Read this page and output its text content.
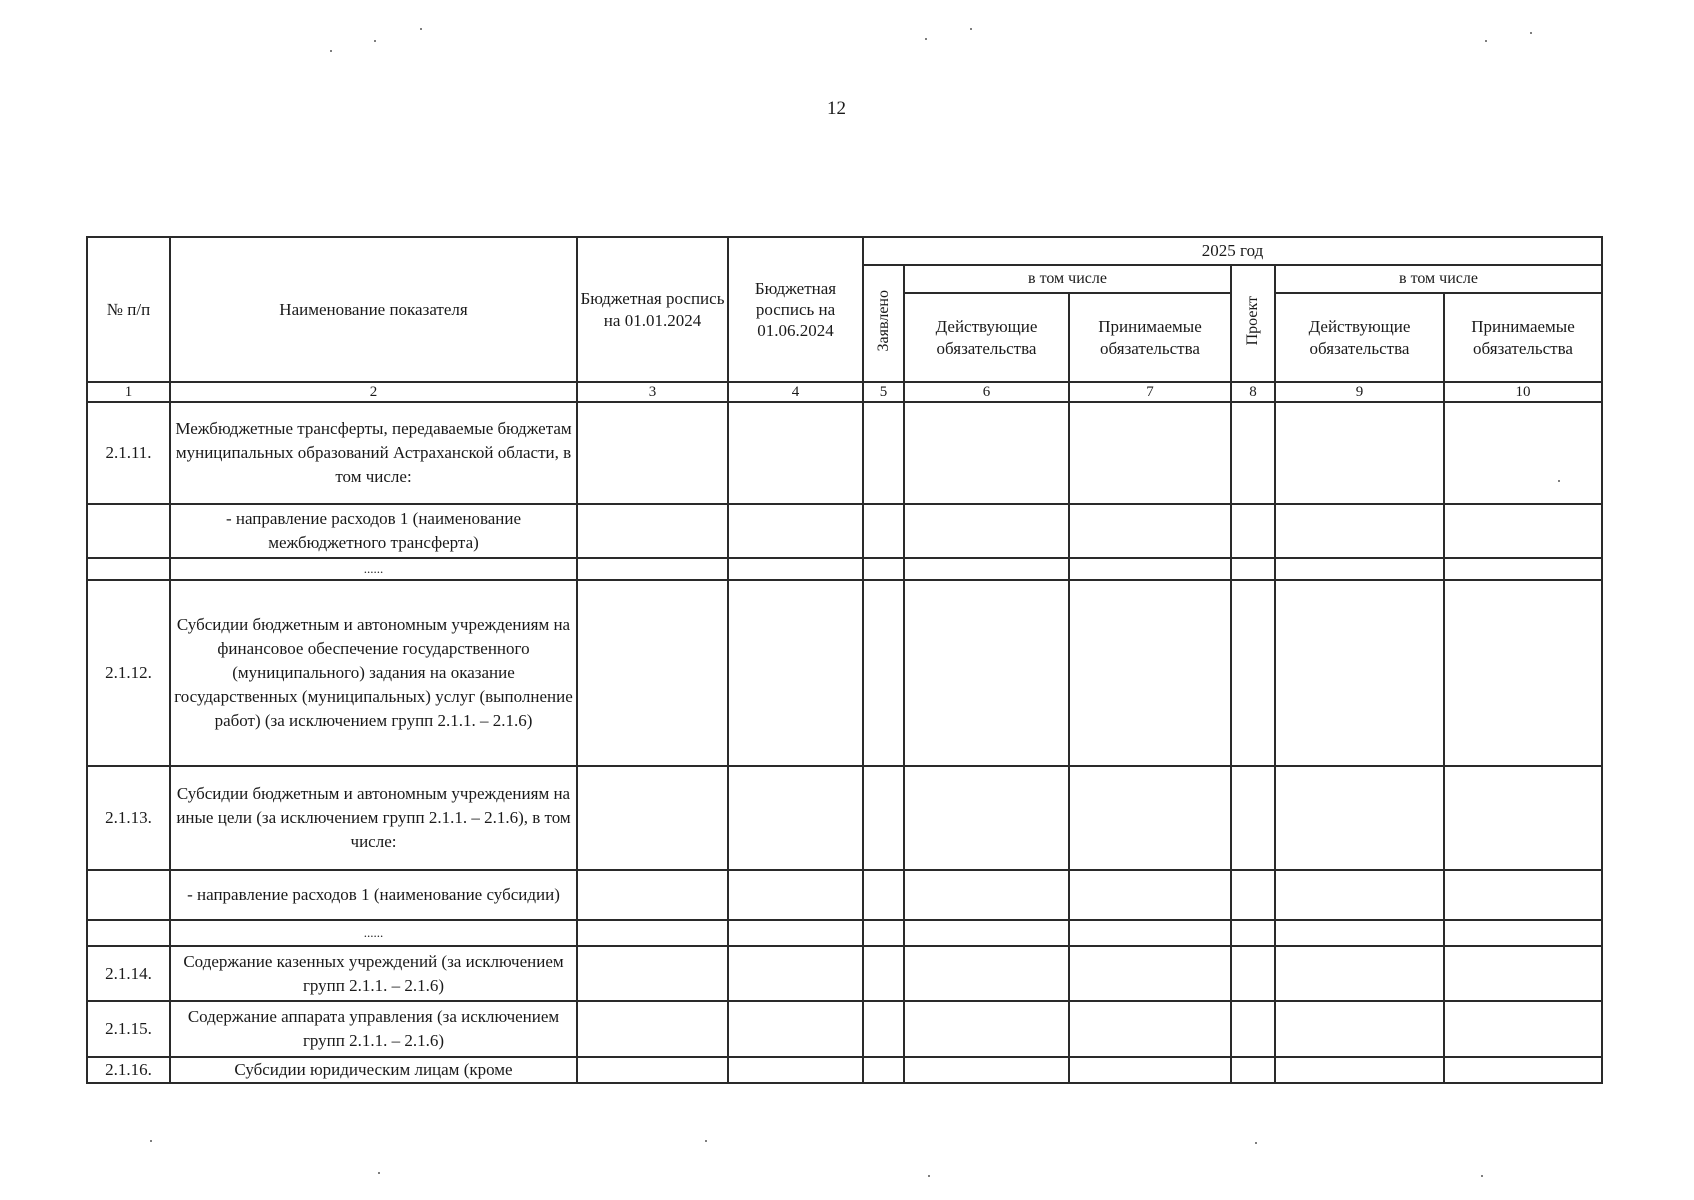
12
№ п/п	Наименование показателя	Бюджетная роспись на 01.01.2024	Бюджетная роспись на 01.06.2024	2025 год					
				Заявлено	в том числе		Проект	в том числе	
					Действующие обязательства	Принимаемые обязательства		Действующие обязательства	Принимаемые обязательства
1	2	3	4	5	6	7	8	9	10
2.1.11.	Межбюджетные трансферты, передаваемые бюджетам муниципальных образований Астраханской области, в том числе:								
	- направление расходов 1 (наименование межбюджетного трансферта)								
	......								
2.1.12.	Субсидии бюджетным и автономным учреждениям на финансовое обеспечение государственного (муниципального) задания на оказание государственных (муниципальных) услуг (выполнение работ) (за исключением групп 2.1.1. – 2.1.6)								
2.1.13.	Субсидии бюджетным и автономным учреждениям на иные цели (за исключением групп 2.1.1. – 2.1.6), в том числе:								
	- направление расходов 1 (наименование субсидии)								
	......								
2.1.14.	Содержание казенных учреждений (за исключением групп 2.1.1. – 2.1.6)								
2.1.15.	Содержание аппарата управления (за исключением групп 2.1.1. – 2.1.6)								
2.1.16.	Субсидии юридическим лицам (кроме								
